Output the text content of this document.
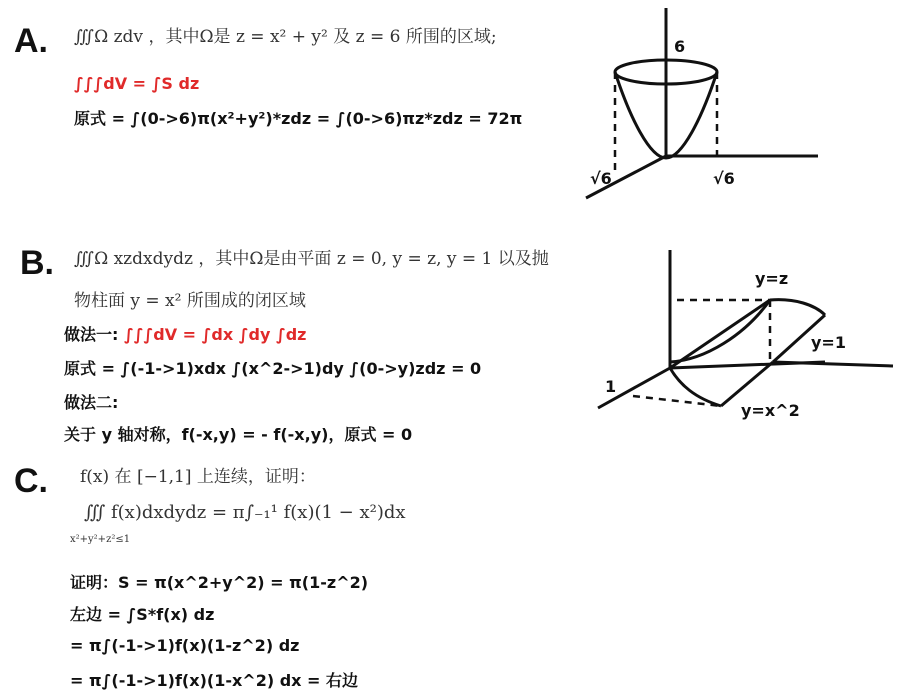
A. ∭Ω zdv ，其中Ω是 z = x² + y² 及 z = 6 所围的区域;
∫∫∫dV = ∫S dz
原式 = ∫(0->6)π(x²+y²)*zdz = ∫(0->6)πz*zdz = 72π
6
√6	√6
B. ∭Ω xzdxdydz ，其中Ω是由平面 z = 0, y = z, y = 1 以及抛
物柱面 y = x² 所围成的闭区域
做法一: ∫∫∫dV = ∫dx ∫dy ∫dz
原式 = ∫(-1->1)xdx ∫(x^2->1)dy ∫(0->y)zdz = 0
做法二:
关于 y 轴对称，f(-x,y) = - f(-x,y)，原式 = 0
y=z
y=1
1
y=x^2
C. f(x) 在 [−1,1] 上连续，证明：
∭ f(x)dxdydz = π∫₋₁¹ f(x)(1 − x²)dx
x²+y²+z²≤1
证明：S = π(x^2+y^2) = π(1-z^2)
左边 = ∫S*f(x) dz
= π∫(-1->1)f(x)(1-z^2) dz
= π∫(-1->1)f(x)(1-x^2) dx = 右边
